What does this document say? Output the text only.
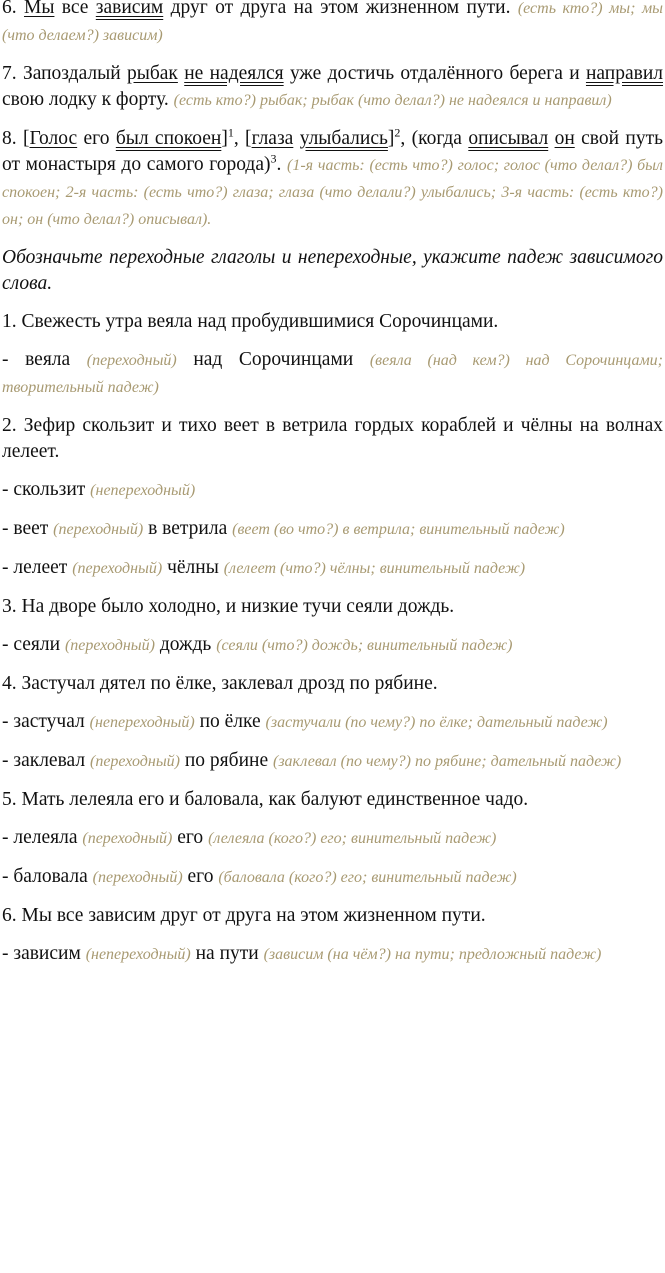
6. Мы все зависим друг от друга на этом жизненном пути. (есть кто?) мы; мы (что делаем?) зависим)

7. Запоздалый рыбак не надеялся уже достичь отдалённого берега и направил свою лодку к форту. (есть кто?) рыбак; рыбак (что делал?) не надеялся и направил)

8. [Голос его был спокоен]$^1$, [глаза улыбались]$^2$, (когда описывал он свой путь от монастыря до самого города)$^3$. (1-я часть: (есть что?) голос; голос (что делал?) был спокоен; 2-я часть: (есть что?) глаза; глаза (что делали?) улыбались; 3-я часть: (есть кто?) он; он (что делал?) описывал).

Обозначьте переходные глаголы и непереходные, укажите падеж зависимого слова.

1. Свежесть утра веяла над пробудившимися Сорочинцами.

- веяла (переходный) над Сорочинцами (веяла (над кем?) над Сорочинцами; творительный падеж)

2. Зефир скользит и тихо веет в ветрила гордых кораблей и чёлны на волнах лелеет.

- скользит (непереходный)

- веет (переходный) в ветрила (веет (во что?) в ветрила; винительный падеж)

- лелеет (переходный) чёлны (лелеет (что?) чёлны; винительный падеж)

3. На дворе было холодно, и низкие тучи сеяли дождь.

- сеяли (переходный) дождь (сеяли (что?) дождь; винительный падеж)

4. Застучал дятел по ёлке, заклевал дрозд по рябине.

- застучал (непереходный) по ёлке (застучали (по чему?) по ёлке; дательный падеж)

- заклевал (переходный) по рябине (заклевал (по чему?) по рябине; дательный падеж)

5. Мать лелеяла его и баловала, как балуют единственное чадо.

- лелеяла (переходный) его (лелеяла (кого?) его; винительный падеж)

- баловала (переходный) его (баловала (кого?) его; винительный падеж)

6. Мы все зависим друг от друга на этом жизненном пути.

- зависим (непереходный) на пути (зависим (на чём?) на пути; предложный падеж)
